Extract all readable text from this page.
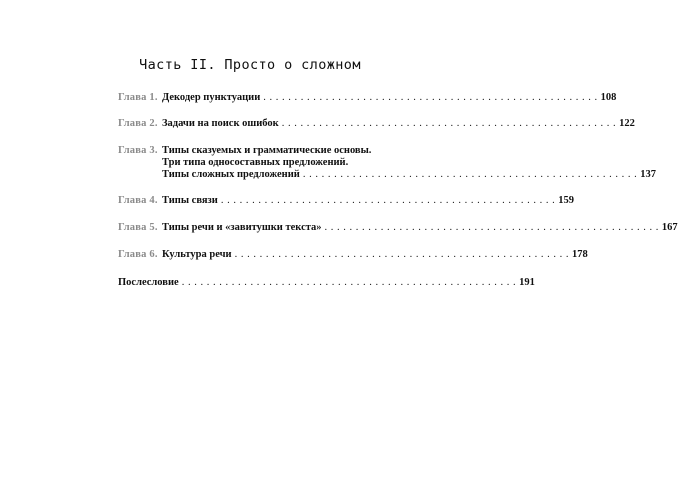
Часть II. Просто о сложном
Глава 1. Декодер пунктуации . . .	108
Глава 2. Задачи на поиск ошибок . . .	122
Глава 3. Типы сказуемых и грамматические основы.
Три типа односоставных предложений.
Типы сложных предложений . . .	137
Глава 4. Типы связи . . .	159
Глава 5. Типы речи и «завитушки текста» . . .	167
Глава 6. Культура речи . . .	178
Послесловие . . .	191
